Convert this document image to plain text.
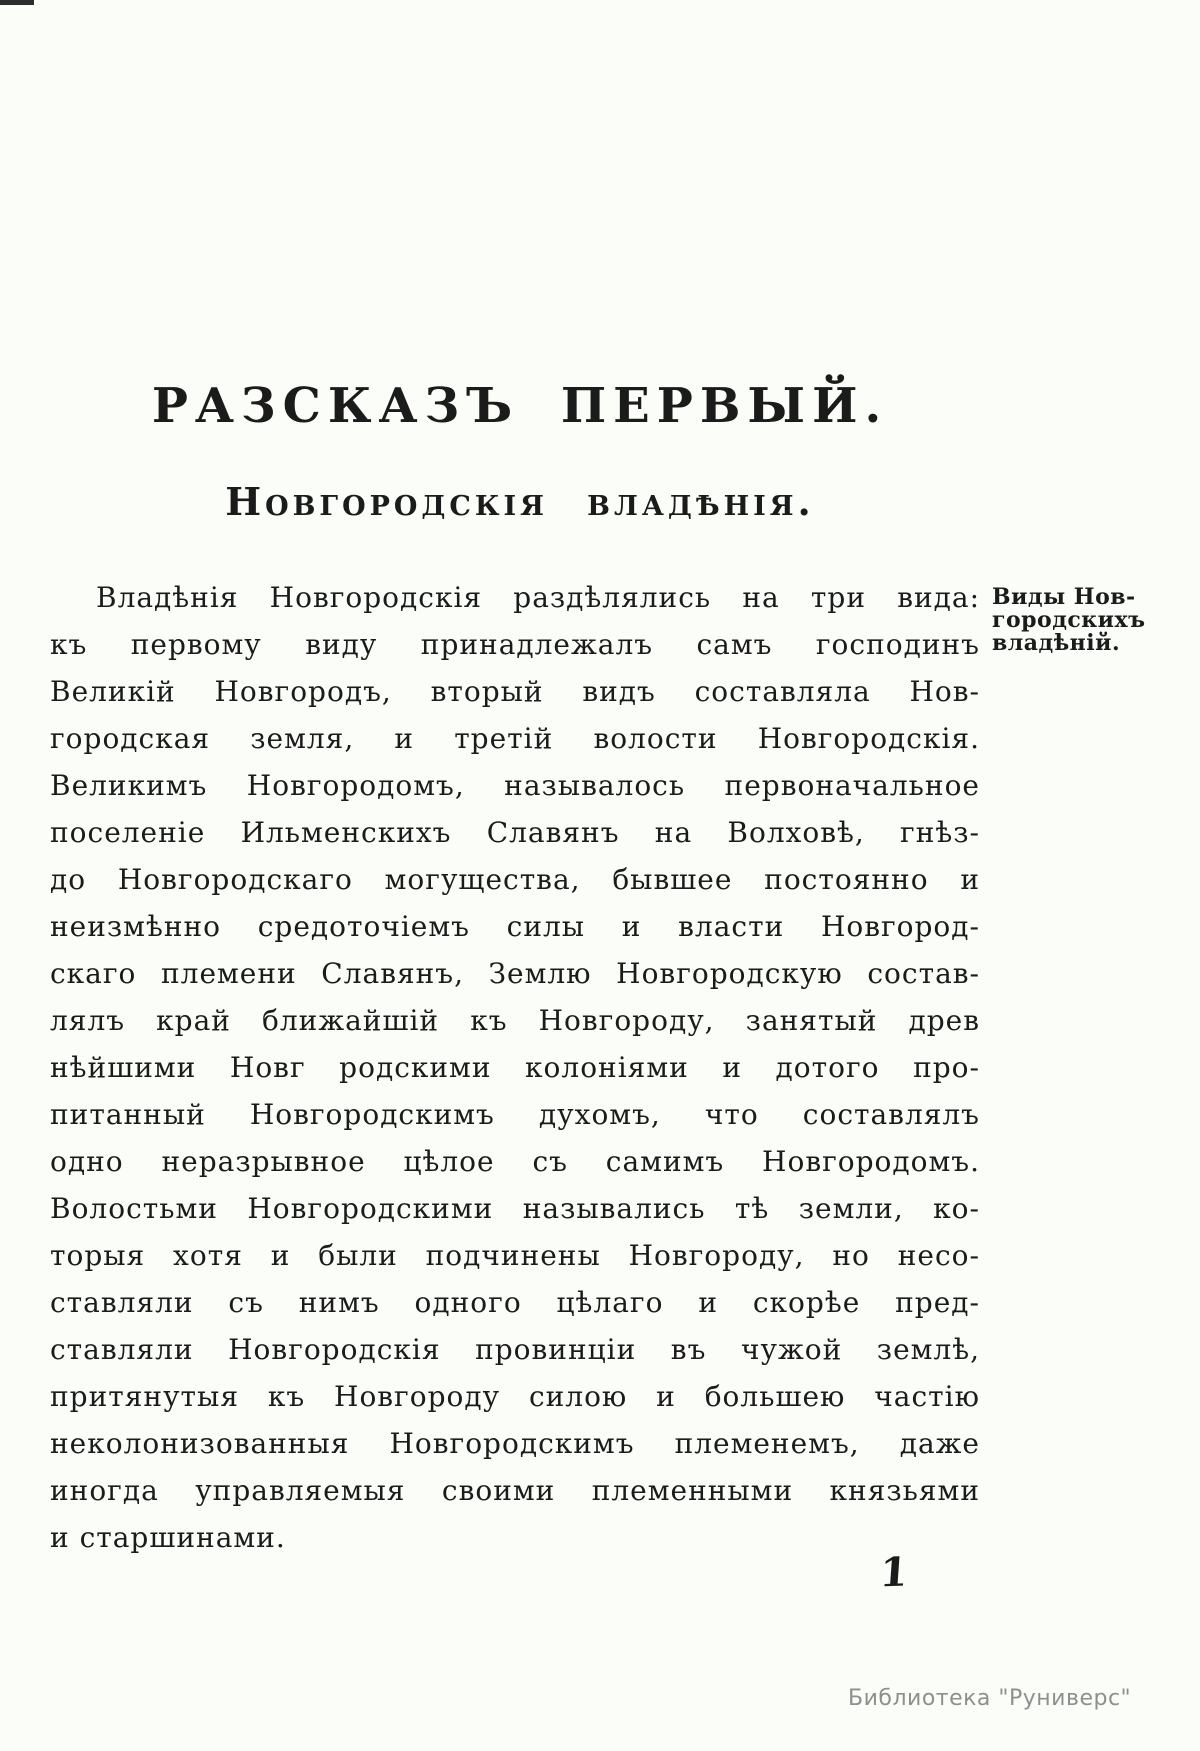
РАЗСКАЗЪ ПЕРВЫЙ.
Новгородскія владѣнія.
Владѣнія Новгородскія раздѣлялись на три вида:
къ первому виду принадлежалъ самъ господинъ
Великій Новгородъ, вторый видъ составляла Нов-
городская земля, и третій волости Новгородскія.
Великимъ Новгородомъ, называлось первоначальное
поселеніе Ильменскихъ Славянъ на Волховѣ, гнѣз-
до Новгородскаго могущества, бывшее постоянно и
неизмѣнно средоточіемъ силы и власти Новгород-
скаго племени Славянъ, Землю Новгородскую состав-
лялъ край ближайшій къ Новгороду, занятый древ
нѣйшими Новг родскими колоніями и дотого про-
питанный Новгородскимъ духомъ, что составлялъ
одно неразрывное цѣлое съ самимъ Новгородомъ.
Волостьми Новгородскими назывались тѣ земли, ко-
торыя хотя и были подчинены Новгороду, но несо-
ставляли съ нимъ одного цѣлаго и скорѣе пред-
ставляли Новгородскія провинціи въ чужой землѣ,
притянутыя къ Новгороду силою и большею частію
неколонизованныя Новгородскимъ племенемъ, даже
иногда управляемыя своими племенными князьями
и старшинами.
Виды Нов-
городскихъ
владѣній.
1
Библиотека "Руниверс"
